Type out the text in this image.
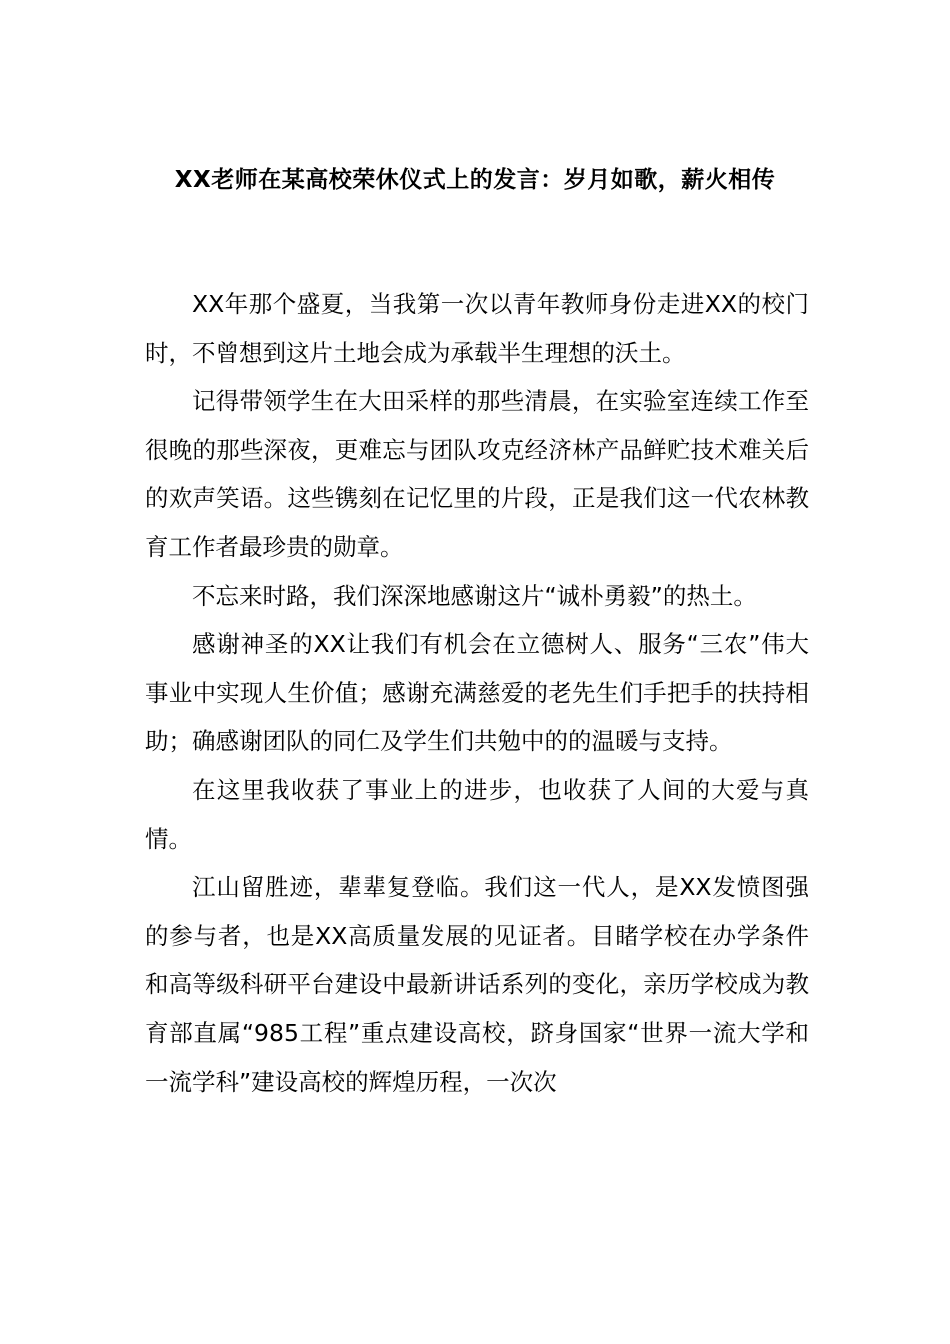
XX老师在某高校荣休仪式上的发言：岁月如歌，薪火相传

XX年那个盛夏，当我第一次以青年教师身份走进XX的校门时，不曾想到这片土地会成为承载半生理想的沃土。

记得带领学生在大田采样的那些清晨，在实验室连续工作至很晚的那些深夜，更难忘与团队攻克经济林产品鲜贮技术难关后的欢声笑语。这些镌刻在记忆里的片段，正是我们这一代农林教育工作者最珍贵的勋章。

不忘来时路，我们深深地感谢这片“诚朴勇毅”的热土。

感谢神圣的XX让我们有机会在立德树人、服务“三农”伟大事业中实现人生价值；感谢充满慈爱的老先生们手把手的扶持相助；确感谢团队的同仁及学生们共勉中的的温暖与支持。

在这里我收获了事业上的进步，也收获了人间的大爱与真情。

江山留胜迹，辈辈复登临。我们这一代人，是XX发愤图强的参与者，也是XX高质量发展的见证者。目睹学校在办学条件和高等级科研平台建设中最新讲话系列的变化，亲历学校成为教育部直属“985工程”重点建设高校，跻身国家“世界一流大学和一流学科”建设高校的辉煌历程，一次次
